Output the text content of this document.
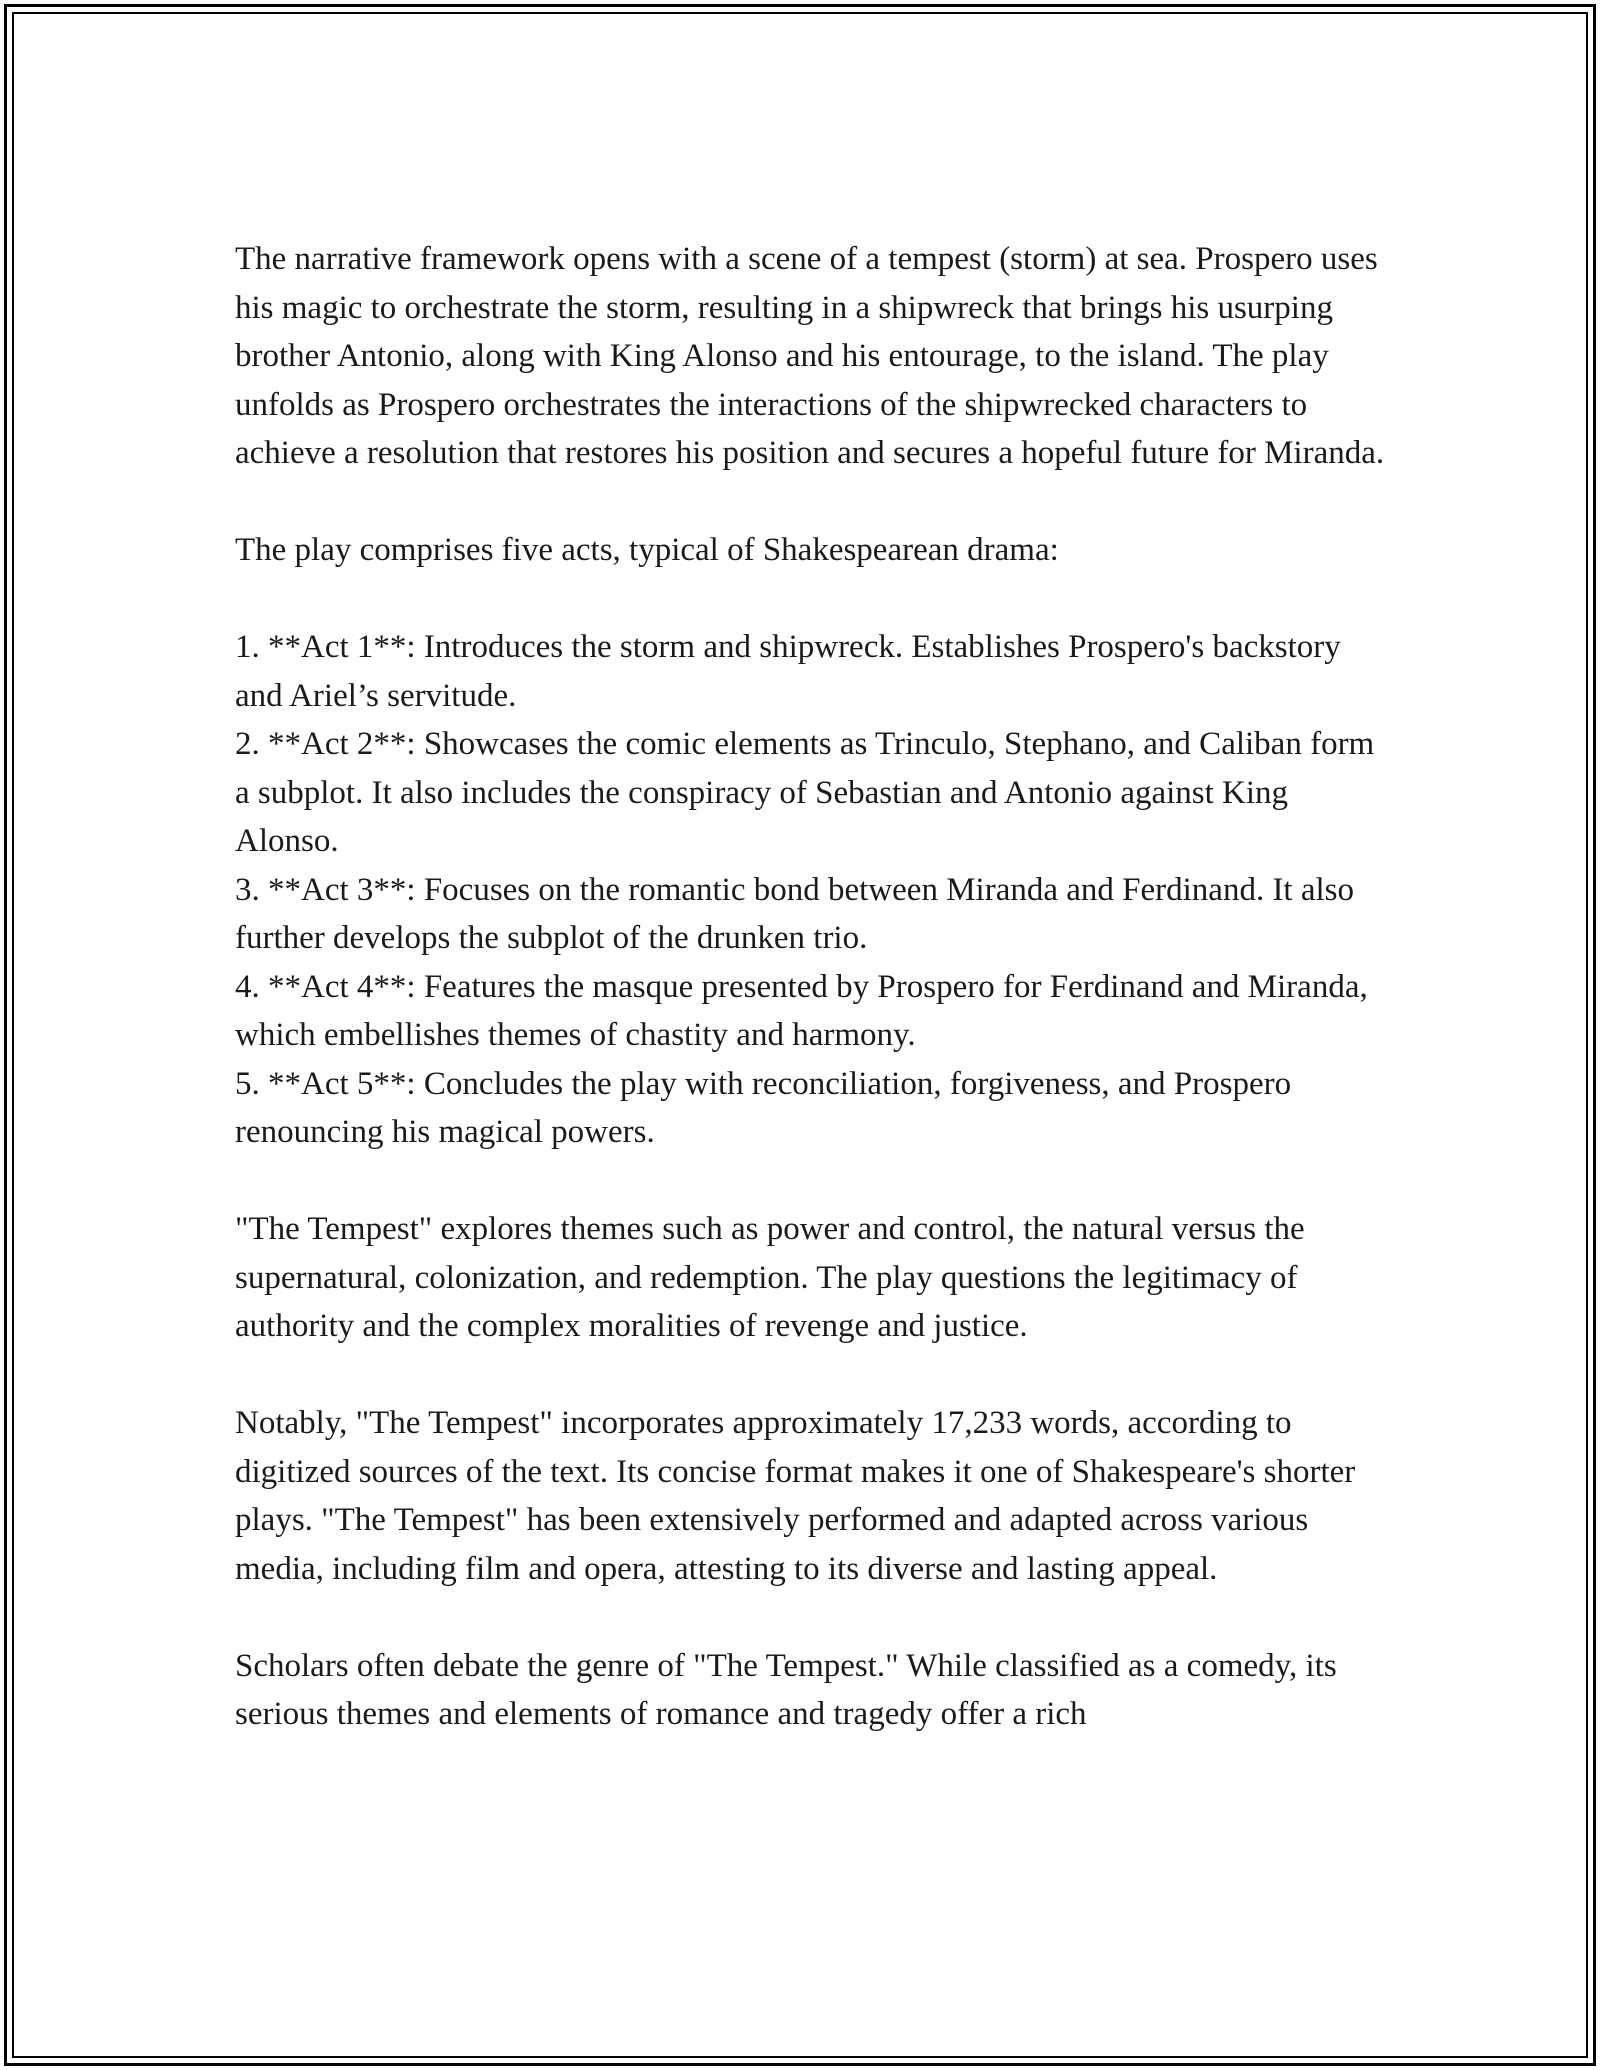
The narrative framework opens with a scene of a tempest (storm) at sea. Prospero uses his magic to orchestrate the storm, resulting in a shipwreck that brings his usurping brother Antonio, along with King Alonso and his entourage, to the island. The play unfolds as Prospero orchestrates the interactions of the shipwrecked characters to achieve a resolution that restores his position and secures a hopeful future for Miranda.

The play comprises five acts, typical of Shakespearean drama:

1. **Act 1**: Introduces the storm and shipwreck. Establishes Prospero's backstory and Ariel’s servitude.

2. **Act 2**: Showcases the comic elements as Trinculo, Stephano, and Caliban form a subplot. It also includes the conspiracy of Sebastian and Antonio against King Alonso.

3. **Act 3**: Focuses on the romantic bond between Miranda and Ferdinand. It also further develops the subplot of the drunken trio.

4. **Act 4**: Features the masque presented by Prospero for Ferdinand and Miranda, which embellishes themes of chastity and harmony.

5. **Act 5**: Concludes the play with reconciliation, forgiveness, and Prospero renouncing his magical powers.

"The Tempest" explores themes such as power and control, the natural versus the supernatural, colonization, and redemption. The play questions the legitimacy of authority and the complex moralities of revenge and justice.

Notably, "The Tempest" incorporates approximately 17,233 words, according to digitized sources of the text. Its concise format makes it one of Shakespeare's shorter plays. "The Tempest" has been extensively performed and adapted across various media, including film and opera, attesting to its diverse and lasting appeal.

Scholars often debate the genre of "The Tempest." While classified as a comedy, its serious themes and elements of romance and tragedy offer a rich
